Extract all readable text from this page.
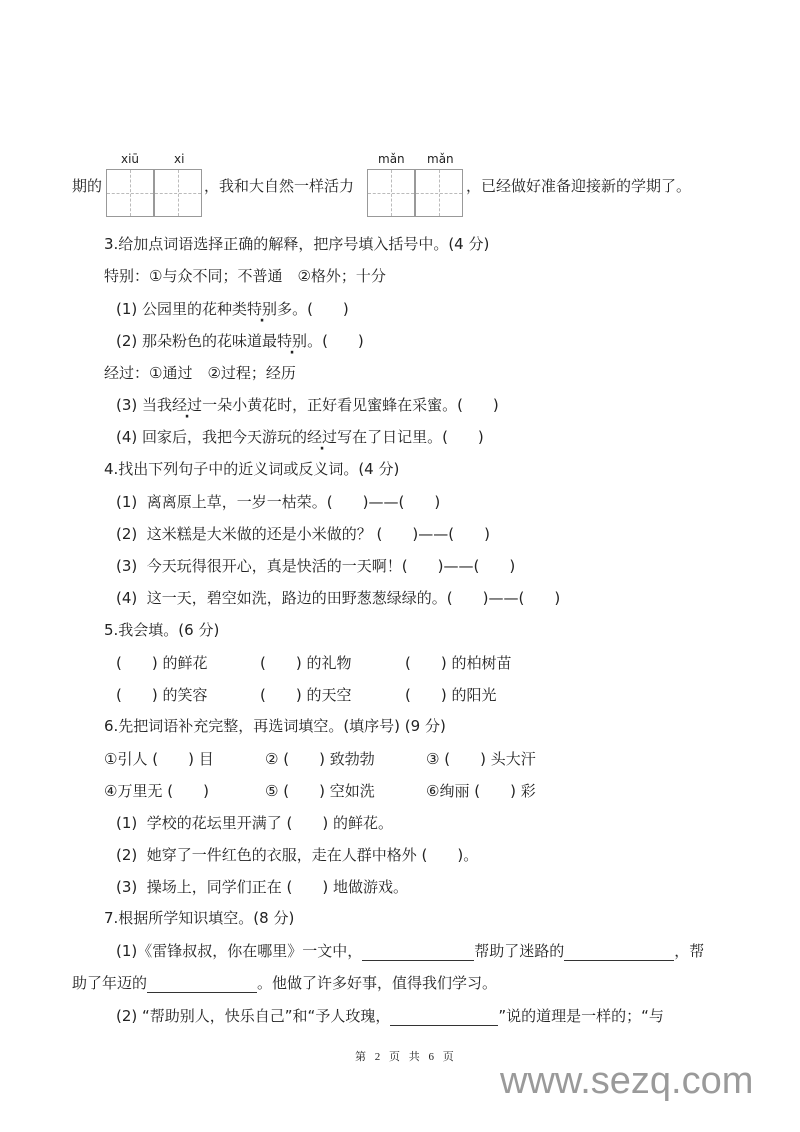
期的
xiū	xi
，我和大自然一样活力
mǎn mǎn
，已经做好准备迎接新的学期了。
3.给加点词语选择正确的解释，把序号填入括号中。(4 分)
特别：①与众不同；不普通　②格外；十分
(1) 公园里的花种类特别多。(　　)
(2) 那朵粉色的花味道最特别。(　　)
经过：①通过　②过程；经历
(3) 当我经过一朵小黄花时，正好看见蜜蜂在采蜜。(　　)
(4) 回家后，我把今天游玩的经过写在了日记里。(　　)
4.找出下列句子中的近义词或反义词。(4 分)
(1)  离离原上草，一岁一枯荣。(　　)——(　　)
(2)  这米糕是大米做的还是小米做的？ (　　)——(　　)
(3)  今天玩得很开心，真是快活的一天啊！(　　)——(　　)
(4)  这一天，碧空如洗，路边的田野葱葱绿绿的。(　　)——(　　)
5.我会填。(6 分)
(　　) 的鲜花	(　　) 的礼物	(　　) 的柏树苗
(　　) 的笑容	(　　) 的天空	(　　) 的阳光
6.先把词语补充完整，再选词填空。(填序号) (9 分)
①引人 (　　) 目	② (　　) 致勃勃	③ (　　) 头大汗
④万里无 (　　)	⑤ (　　) 空如洗	⑥绚丽 (　　) 彩
(1)  学校的花坛里开满了 (　　) 的鲜花。
(2)  她穿了一件红色的衣服，走在人群中格外 (　　)。
(3)  操场上，同学们正在 (　　) 地做游戏。
7.根据所学知识填空。(8 分)
(1)《雷锋叔叔，你在哪里》一文中，	帮助了迷路的	，帮
助了年迈的	。他做了许多好事，值得我们学习。
(2) “帮助别人，快乐自己”和“予人玫瑰，	”说的道理是一样的；“与
第 2 页 共 6 页
www.sezq.com
